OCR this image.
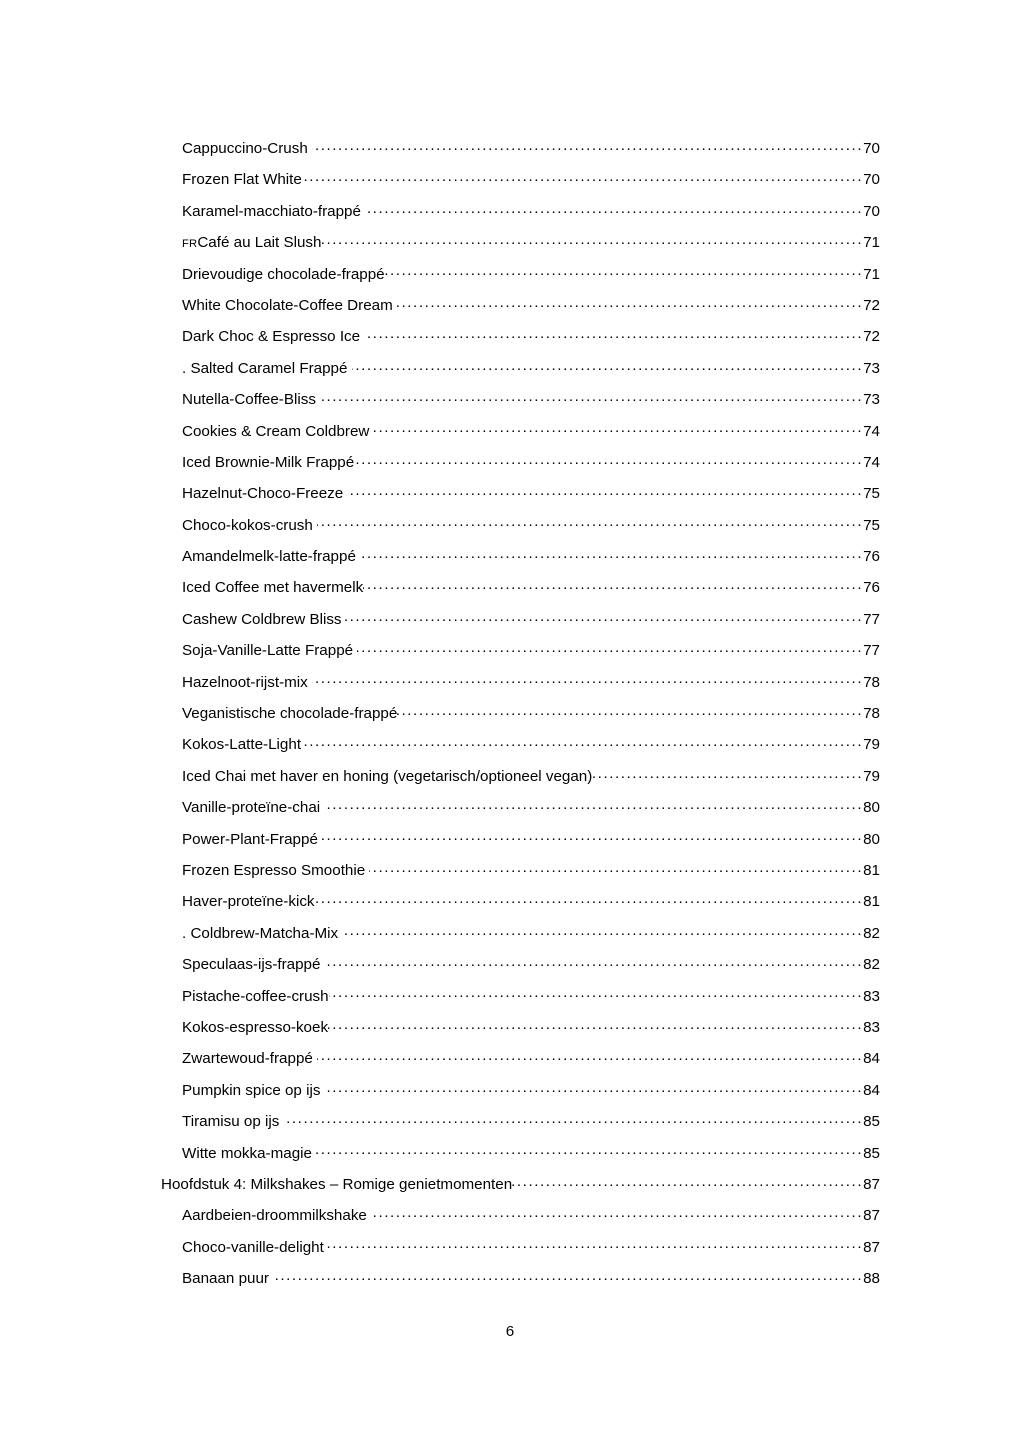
Cappuccino-Crush .....	70
Frozen Flat White .....	70
Karamel-macchiato-frappé .....	70
FRCafé au Lait Slush .....	71
Drievoudige chocolade-frappé .....	71
White Chocolate-Coffee Dream .....	72
Dark Choc & Espresso Ice .....	72
. Salted Caramel Frappé .....	73
Nutella-Coffee-Bliss .....	73
Cookies & Cream Coldbrew .....	74
Iced Brownie-Milk Frappé .....	74
Hazelnut-Choco-Freeze .....	75
Choco-kokos-crush .....	75
Amandelmelk-latte-frappé .....	76
Iced Coffee met havermelk .....	76
Cashew Coldbrew Bliss .....	77
Soja-Vanille-Latte Frappé .....	77
Hazelnoot-rijst-mix .....	78
Veganistische chocolade-frappé .....	78
Kokos-Latte-Light .....	79
Iced Chai met haver en honing (vegetarisch/optioneel vegan) .....	79
Vanille-proteïne-chai .....	80
Power-Plant-Frappé .....	80
Frozen Espresso Smoothie .....	81
Haver-proteïne-kick .....	81
. Coldbrew-Matcha-Mix .....	82
Speculaas-ijs-frappé .....	82
Pistache-coffee-crush .....	83
Kokos-espresso-koek .....	83
Zwartewoud-frappé .....	84
Pumpkin spice op ijs .....	84
Tiramisu op ijs .....	85
Witte mokka-magie .....	85
Hoofdstuk 4: Milkshakes – Romige genietmomenten .....	87
Aardbeien-droommilkshake .....	87
Choco-vanille-delight .....	87
Banaan puur .....	88
6
